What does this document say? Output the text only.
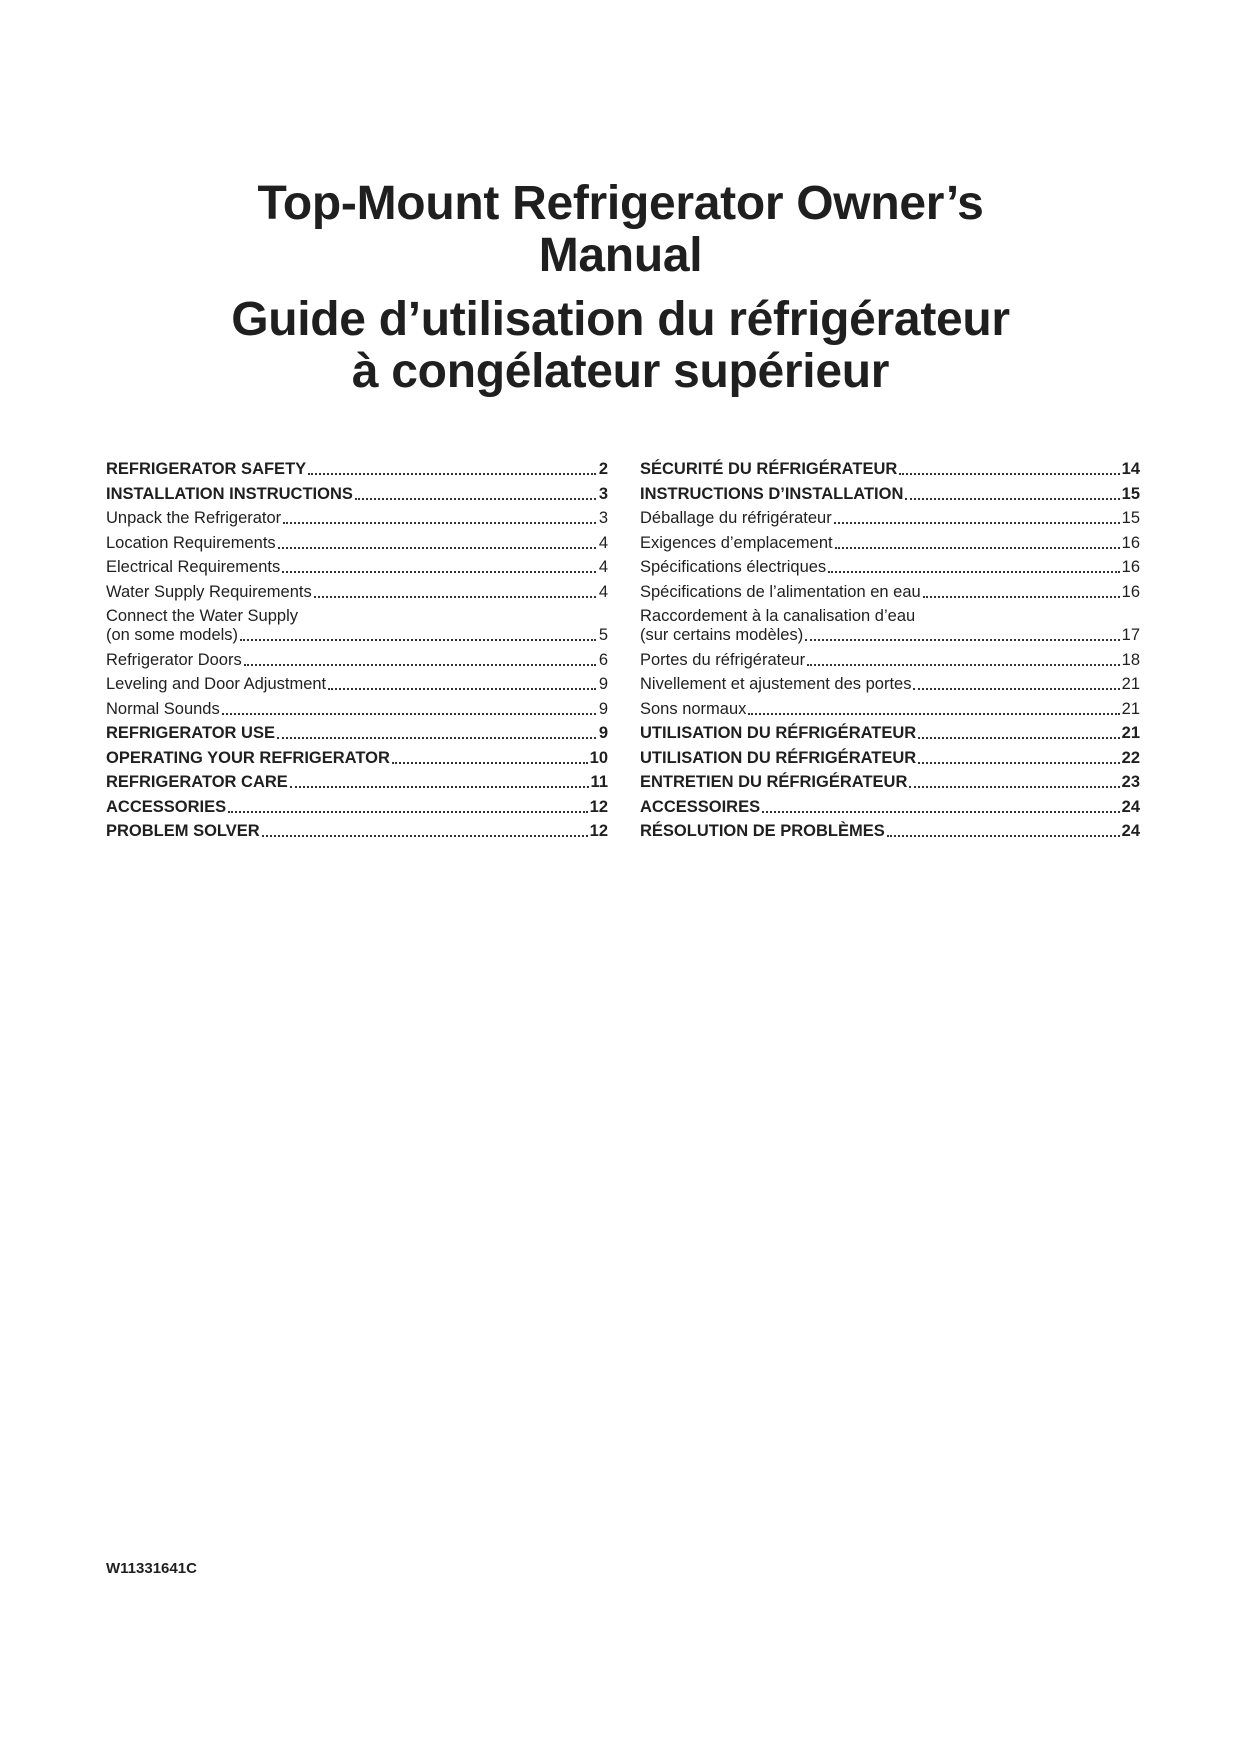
Top-Mount Refrigerator Owner’s
Manual
Guide d’utilisation du réfrigérateur
à congélateur supérieur
REFRIGERATOR SAFETY	2
INSTALLATION INSTRUCTIONS	3
Unpack the Refrigerator	3
Location Requirements	4
Electrical Requirements	4
Water Supply Requirements	4
Connect the Water Supply
(on some models)	5
Refrigerator Doors	6
Leveling and Door Adjustment	9
Normal Sounds	9
REFRIGERATOR USE	9
OPERATING YOUR REFRIGERATOR	10
REFRIGERATOR CARE	11
ACCESSORIES	12
PROBLEM SOLVER	12
SÉCURITÉ DU RÉFRIGÉRATEUR	14
INSTRUCTIONS D’INSTALLATION	15
Déballage du réfrigérateur	15
Exigences d’emplacement	16
Spécifications électriques	16
Spécifications de l’alimentation en eau	16
Raccordement à la canalisation d’eau
(sur certains modèles)	17
Portes du réfrigérateur	18
Nivellement et ajustement des portes	21
Sons normaux	21
UTILISATION DU RÉFRIGÉRATEUR	21
UTILISATION DU RÉFRIGÉRATEUR	22
ENTRETIEN DU RÉFRIGÉRATEUR	23
ACCESSOIRES	24
RÉSOLUTION DE PROBLÈMES	24
W11331641C
